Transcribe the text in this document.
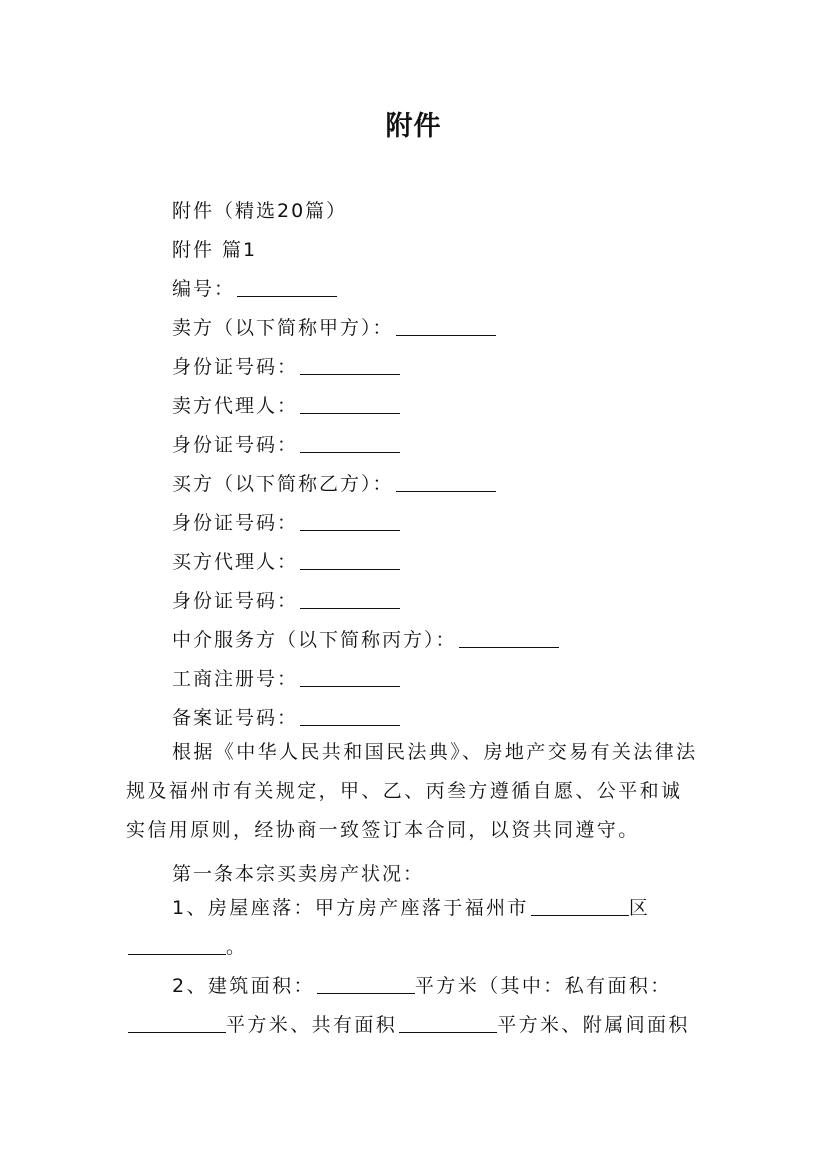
附件
附件（精选20篇）
附件 篇1
编号：
卖方（以下简称甲方）：
身份证号码：
卖方代理人：
身份证号码：
买方（以下简称乙方）：
身份证号码：
买方代理人：
身份证号码：
中介服务方（以下简称丙方）：
工商注册号：
备案证号码：
根据《中华人民共和国民法典》、房地产交易有关法律法规及福州市有关规定，甲、乙、丙叁方遵循自愿、公平和诚实信用原则，经协商一致签订本合同，以资共同遵守。
第一条本宗买卖房产状况：
1、房屋座落：甲方房产座落于福州市	区。
2、建筑面积：	平方米（其中：私有面积：平方米、共有面积	平方米、附属间面积
